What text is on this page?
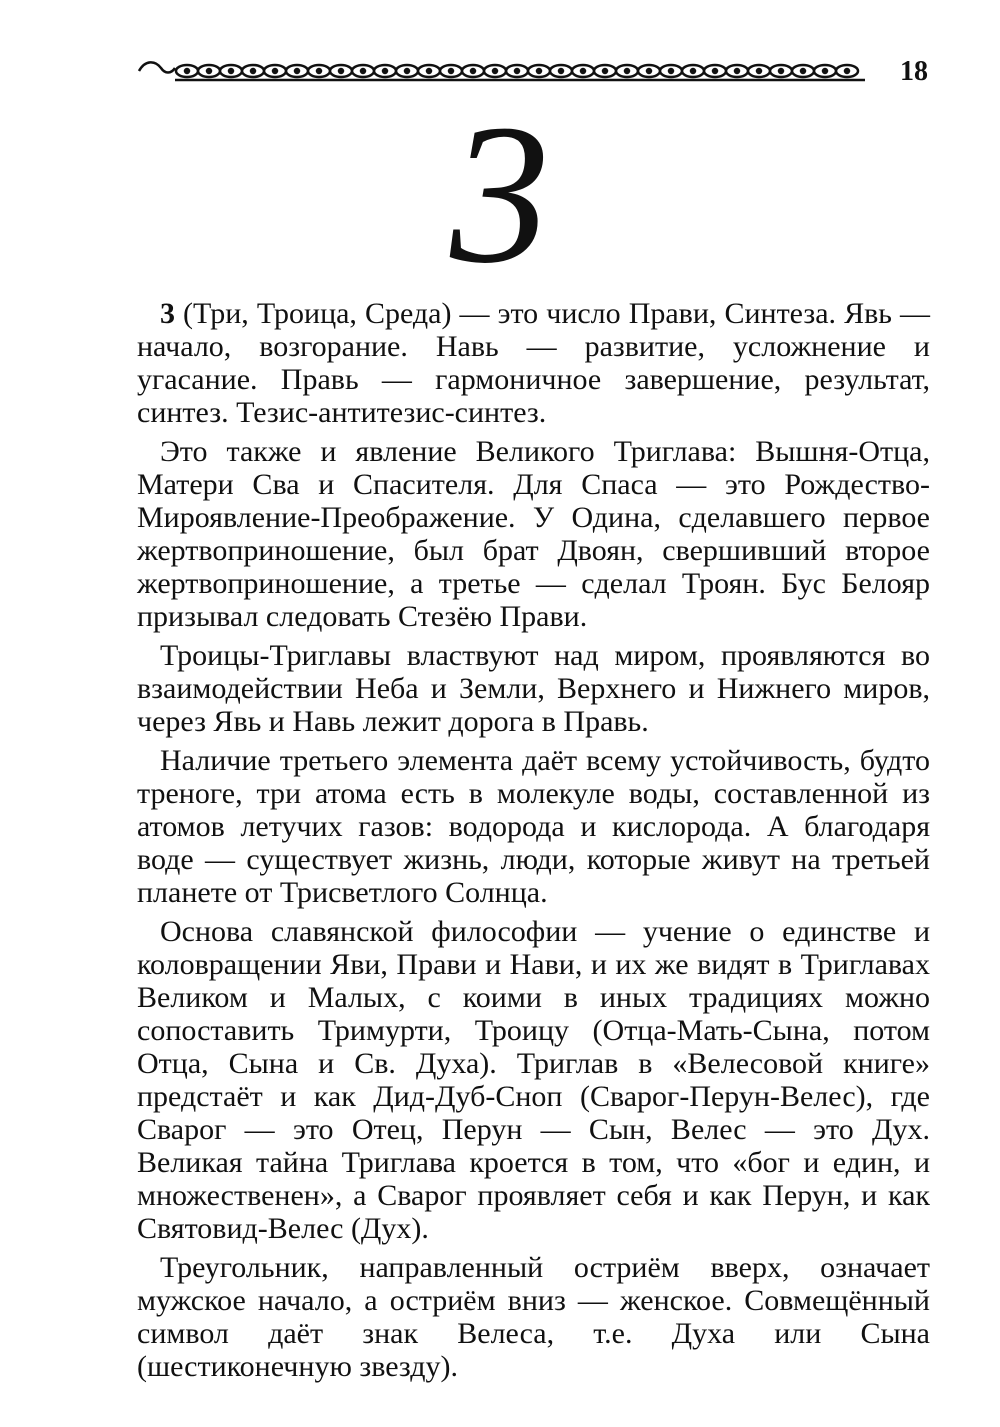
18
3

3 (Три, Троица, Среда) — это число Прави, Синтеза. Явь — начало, возгорание. Навь — развитие, усложнение и угасание. Правь — гармоничное завершение, результат, синтез. Тезис-антитезис-синтез.

Это также и явление Великого Триглава: Вышня-Отца, Матери Сва и Спасителя. Для Спаса — это Рождество-Мироявление-Преображение. У Одина, сделавшего первое жертвоприношение, был брат Двоян, свершивший второе жертвоприношение, а третье — сделал Троян. Бус Белояр призывал следовать Стезёю Прави.

Троицы-Триглавы властвуют над миром, проявляются во взаимодействии Неба и Земли, Верхнего и Нижнего миров, через Явь и Навь лежит дорога в Правь.

Наличие третьего элемента даёт всему устойчивость, будто треноге, три атома есть в молекуле воды, составленной из атомов летучих газов: водорода и кислорода. А благодаря воде — существует жизнь, люди, которые живут на третьей планете от Трисветлого Солнца.

Основа славянской философии — учение о единстве и коловращении Яви, Прави и Нави, и их же видят в Триглавах Великом и Малых, с коими в иных традициях можно сопоставить Тримурти, Троицу (Отца-Мать-Сына, потом Отца, Сына и Св. Духа). Триглав в «Велесовой книге» предстаёт и как Дид-Дуб-Сноп (Сварог-Перун-Велес), где Сварог — это Отец, Перун — Сын, Велес — это Дух. Великая тайна Триглава кроется в том, что «бог и един, и множественен», а Сварог проявляет себя и как Перун, и как Святовид-Велес (Дух).

Треугольник, направленный остриём вверх, означает мужское начало, а остриём вниз — женское. Совмещённый символ даёт знак Велеса, т.е. Духа или Сына (шестиконечную звезду).
